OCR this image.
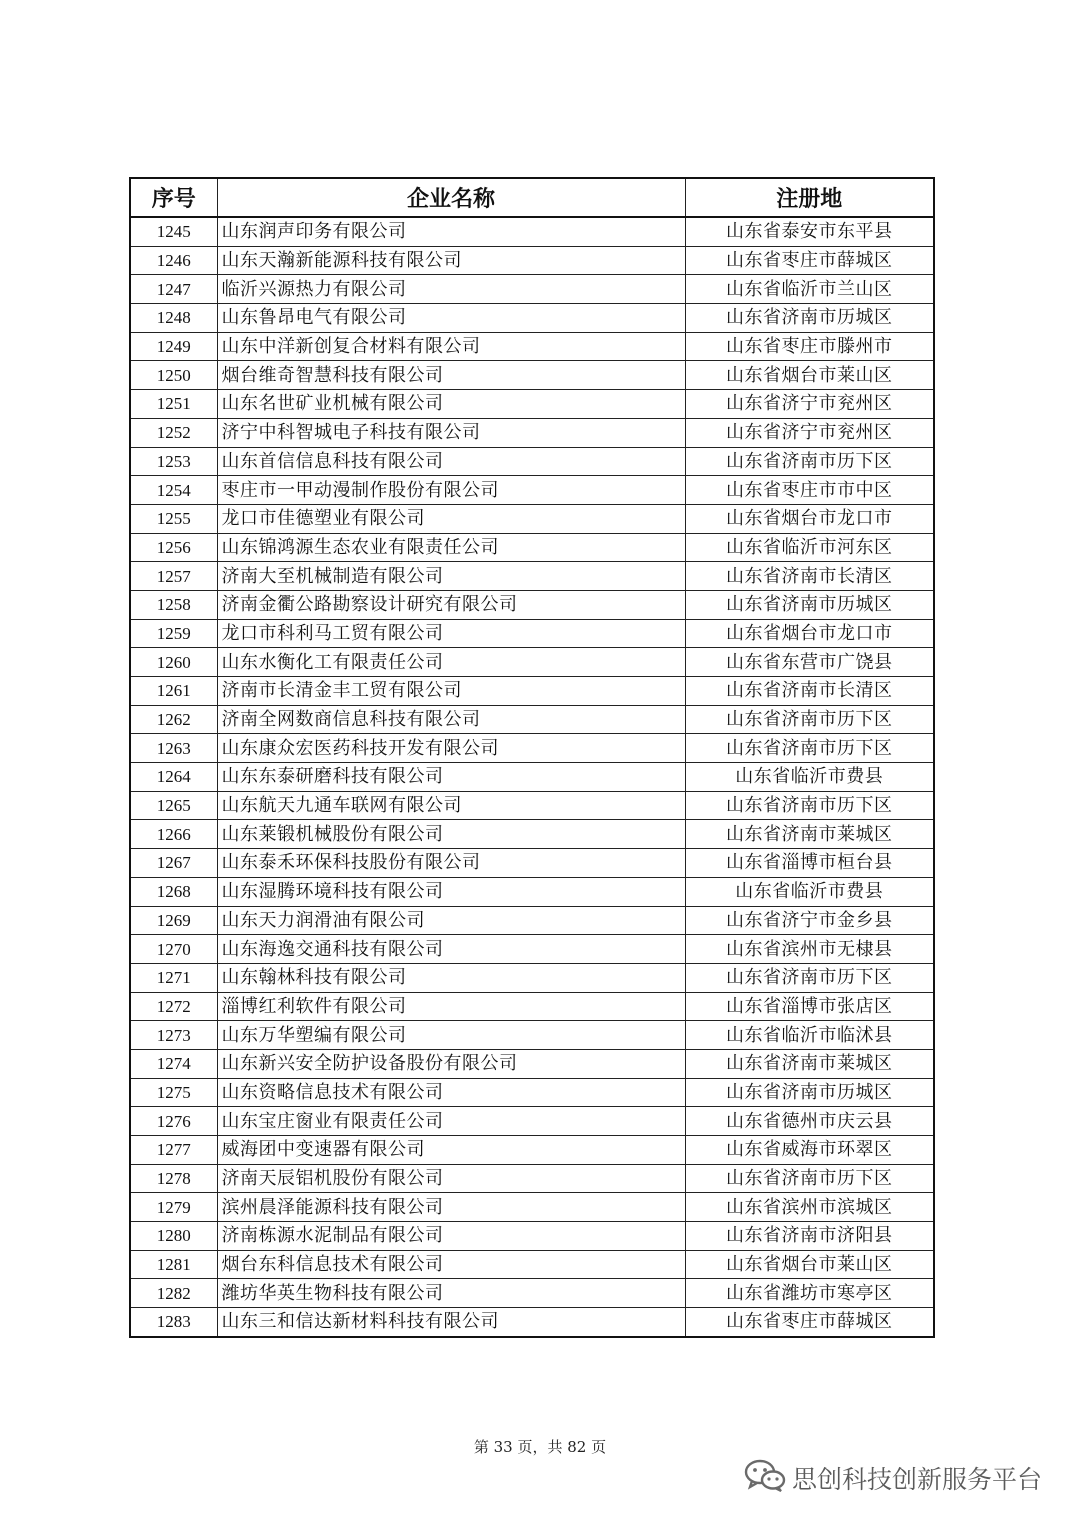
序号	企业名称	注册地
1245	山东润声印务有限公司	山东省泰安市东平县
1246	山东天瀚新能源科技有限公司	山东省枣庄市薛城区
1247	临沂兴源热力有限公司	山东省临沂市兰山区
1248	山东鲁昂电气有限公司	山东省济南市历城区
1249	山东中洋新创复合材料有限公司	山东省枣庄市滕州市
1250	烟台维奇智慧科技有限公司	山东省烟台市莱山区
1251	山东名世矿业机械有限公司	山东省济宁市兖州区
1252	济宁中科智城电子科技有限公司	山东省济宁市兖州区
1253	山东首信信息科技有限公司	山东省济南市历下区
1254	枣庄市一甲动漫制作股份有限公司	山东省枣庄市市中区
1255	龙口市佳德塑业有限公司	山东省烟台市龙口市
1256	山东锦鸿源生态农业有限责任公司	山东省临沂市河东区
1257	济南大至机械制造有限公司	山东省济南市长清区
1258	济南金衢公路勘察设计研究有限公司	山东省济南市历城区
1259	龙口市科利马工贸有限公司	山东省烟台市龙口市
1260	山东水衡化工有限责任公司	山东省东营市广饶县
1261	济南市长清金丰工贸有限公司	山东省济南市长清区
1262	济南全网数商信息科技有限公司	山东省济南市历下区
1263	山东康众宏医药科技开发有限公司	山东省济南市历下区
1264	山东东泰研磨科技有限公司	山东省临沂市费县
1265	山东航天九通车联网有限公司	山东省济南市历下区
1266	山东莱锻机械股份有限公司	山东省济南市莱城区
1267	山东泰禾环保科技股份有限公司	山东省淄博市桓台县
1268	山东湿腾环境科技有限公司	山东省临沂市费县
1269	山东天力润滑油有限公司	山东省济宁市金乡县
1270	山东海逸交通科技有限公司	山东省滨州市无棣县
1271	山东翰林科技有限公司	山东省济南市历下区
1272	淄博红利软件有限公司	山东省淄博市张店区
1273	山东万华塑编有限公司	山东省临沂市临沭县
1274	山东新兴安全防护设备股份有限公司	山东省济南市莱城区
1275	山东资略信息技术有限公司	山东省济南市历城区
1276	山东宝庄窗业有限责任公司	山东省德州市庆云县
1277	威海团中变速器有限公司	山东省威海市环翠区
1278	济南天辰铝机股份有限公司	山东省济南市历下区
1279	滨州晨泽能源科技有限公司	山东省滨州市滨城区
1280	济南栋源水泥制品有限公司	山东省济南市济阳县
1281	烟台东科信息技术有限公司	山东省烟台市莱山区
1282	潍坊华英生物科技有限公司	山东省潍坊市寒亭区
1283	山东三和信达新材料科技有限公司	山东省枣庄市薛城区
第 33 页，共 82 页
思创科技创新服务平台
